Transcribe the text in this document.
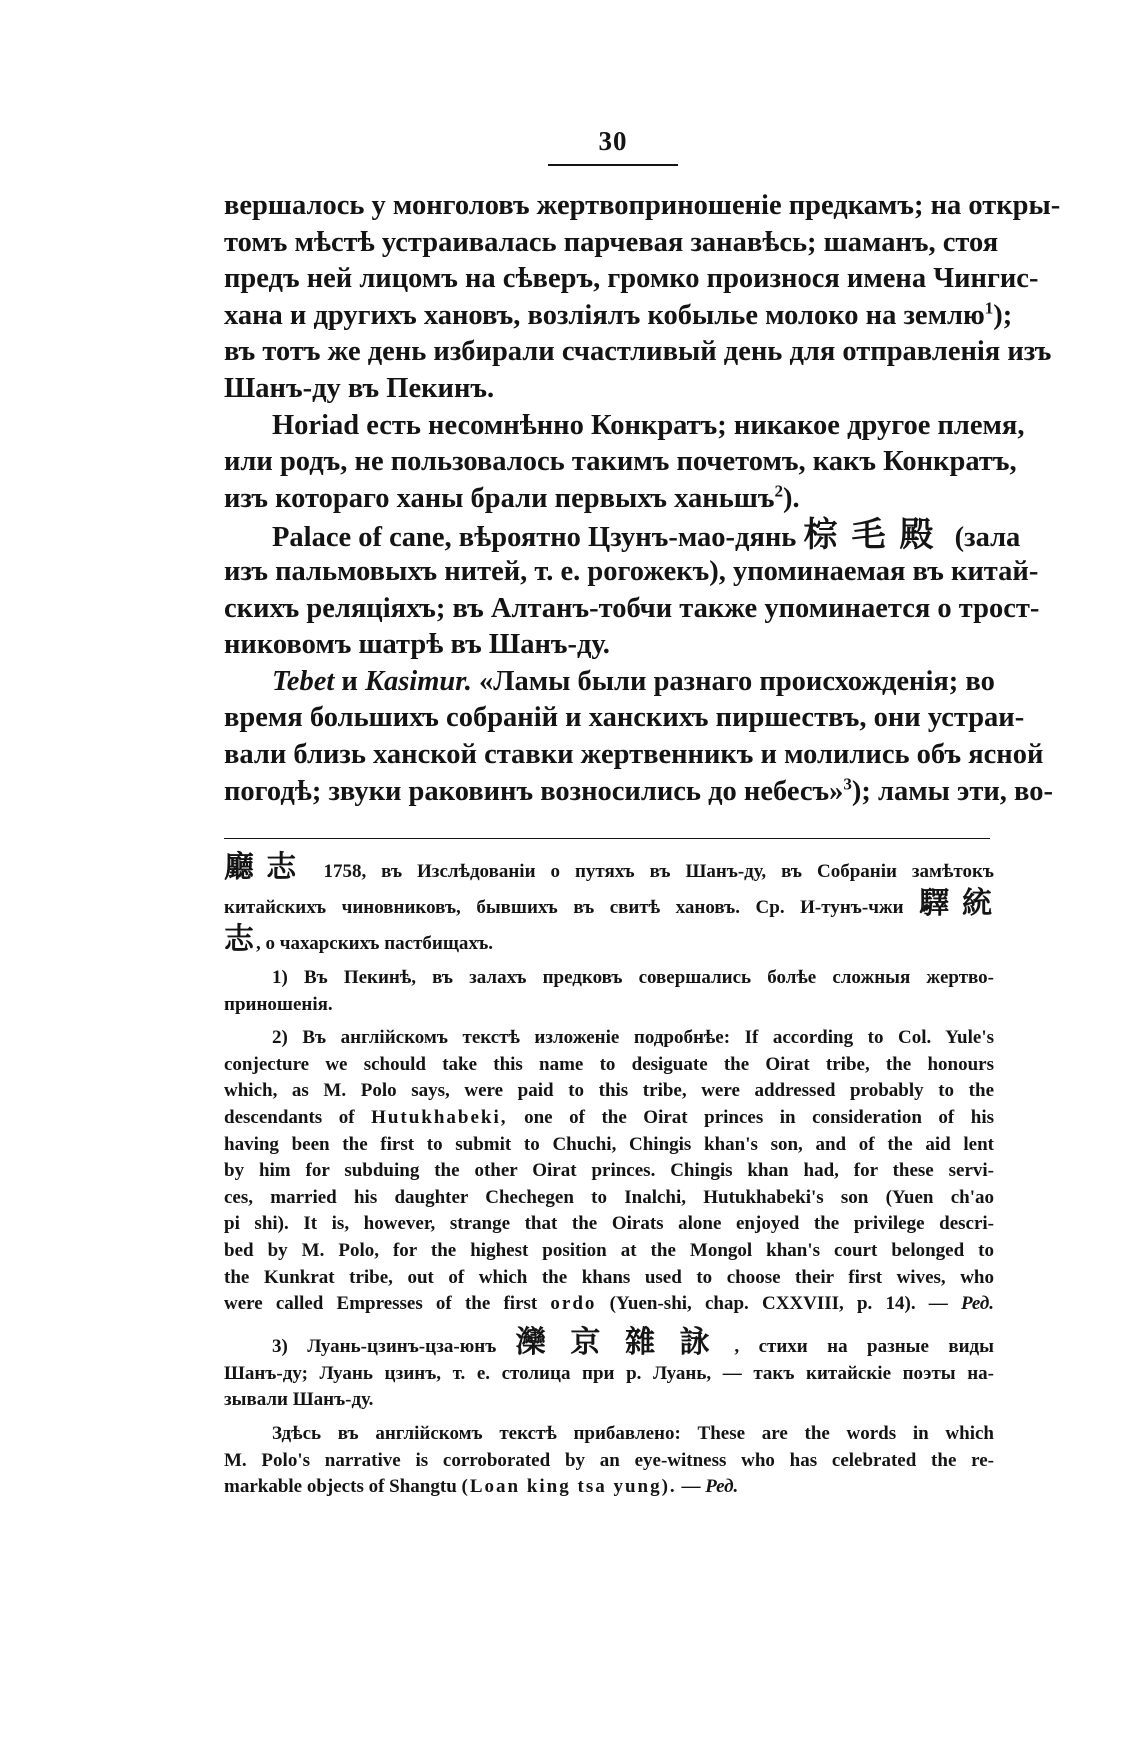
30
вершалось у монголовъ жертвоприношеніе предкамъ; на откры-
томъ мѣстѣ устраивалась парчевая занавѣсь; шаманъ, стоя
предъ ней лицомъ на сѣверъ, громко произнося имена Чингис-
хана и другихъ хановъ, возліялъ кобылье молоко на землю$^1$);
въ тотъ же день избирали счастливый день для отправленія изъ
Шанъ-ду въ Пекинъ.
Horiad есть несомнѣнно Конкратъ; никакое другое племя,
или родъ, не пользовалось такимъ почетомъ, какъ Конкратъ,
изъ котораго ханы брали первыхъ ханьшъ$^2$).
Palace of cane, вѣроятно Цзунъ-мао-дянь 棕毛殿 (зала
изъ пальмовыхъ нитей, т. е. рогожекъ), упоминаемая въ китай-
скихъ реляціяхъ; въ Алтанъ-тобчи также упоминается о трост-
никовомъ шатрѣ въ Шанъ-ду.
Tebet и Kasimur. «Ламы были разнаго происхожденія; во
время большихъ собраній и ханскихъ пиршествъ, они устраи-
вали близь ханской ставки жертвенникъ и молились объ ясной
погодѣ; звуки раковинъ возносились до небесъ»$^3$); ламы эти, во-
廳志 1758, въ Изслѣдованіи о путяхъ въ Шанъ-ду, въ Собраніи замѣтокъ
китайскихъ чиновниковъ, бывшихъ въ свитѣ хановъ. Ср. И-тунъ-чжи 驛統
志, о чахарскихъ пастбищахъ.
1) Въ Пекинѣ, въ залахъ предковъ совершались болѣе сложныя жертво-
приношенія.
2) Въ англійскомъ текстѣ изложеніе подробнѣе: If according to Col. Yule's
conjecture we schould take this name to desiguate the Oirat tribe, the honours
which, as M. Polo says, were paid to this tribe, were addressed probably to the
descendants of Hutukhabeki, one of the Oirat princes in consideration of his
having been the first to submit to Chuchi, Chingis khan's son, and of the aid lent
by him for subduing the other Oirat princes. Chingis khan had, for these servi-
ces, married his daughter Chechegen to Inalchi, Hutukhabeki's son (Yuen ch'ao
pi shi). It is, however, strange that the Oirats alone enjoyed the privilege descri-
bed by M. Polo, for the highest position at the Mongol khan's court belonged to
the Kunkrat tribe, out of which the khans used to choose their first wives, who
were called Empresses of the first ordo (Yuen-shi, chap. CXXVIII, p. 14). — Ред.
3) Луань-цзинъ-цза-юнъ 灤京雜詠, стихи на разные виды
Шанъ-ду; Луань цзинъ, т. е. столица при р. Луань, — такъ китайскіе поэты на-
зывали Шанъ-ду.
Здѣсь въ англійскомъ текстѣ прибавлено: These are the words in which
M. Polo's narrative is corroborated by an eye-witness who has celebrated the re-
markable objects of Shangtu (Loan king tsa yung). — Ред.
